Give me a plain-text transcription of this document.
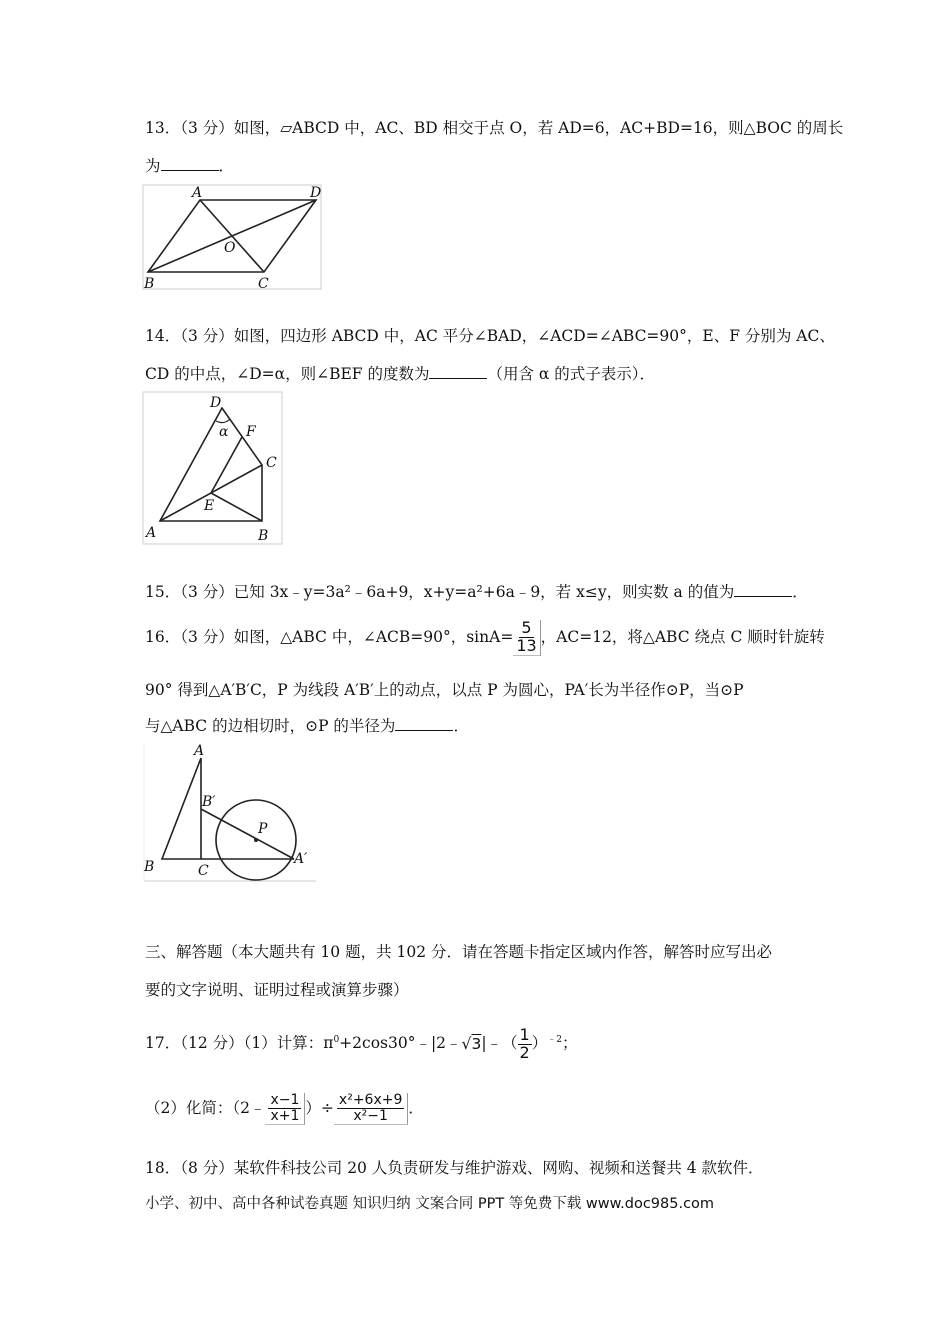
13．（3 分）如图，▱ABCD 中，AC、BD 相交于点 O，若 AD=6，AC+BD=16，则△BOC 的周长
为	．
A	D
O
B	C
14．（3 分）如图，四边形 ABCD 中，AC 平分∠BAD，∠ACD=∠ABC=90°，E、F 分别为 AC、
CD 的中点，∠D=α，则∠BEF 的度数为	（用含 α 的式子表示）．
D
α F
C
E
A	B
15．（3 分）已知 3x﹣y=3a²﹣6a+9，x+y=a²+6a﹣9，若 x≤y，则实数 a 的值为	．
16．（3 分）如图，△ABC 中，∠ACB=90°，$\sin A= \frac{5}{13}$ ，AC=12，将△ABC 绕点 C 顺时针旋转
90° 得到△A′B′C，P 为线段 A′B′上的动点，以点 P 为圆心，PA′长为半径作⊙P，当⊙P
与△ABC 的边相切时，⊙P 的半径为	．
A
B′
P
B	C
A′
三、解答题（本大题共有 10 题，共 102 分．请在答题卡指定区域内作答，解答时应写出必
要的文字说明、证明过程或演算步骤）
17．（12 分）（1）计算：$\pi^0+2\cos 30^\circ﹣|2﹣√3|﹣( \frac{1}{2} )^{﹣2}$；
（2）化简：（2﹣ $\frac{x-1}{x+1}$ ）÷ $\frac{\text{x²+6x+9}}{\text{x²−1}}$ ．
18．（8 分）某软件科技公司 20 人负责研发与维护游戏、网购、视频和送餐共 4 款软件．
小学、初中、高中各种试卷真题 知识归纳 文案合同 PPT 等免费下载 www.doc985.com
